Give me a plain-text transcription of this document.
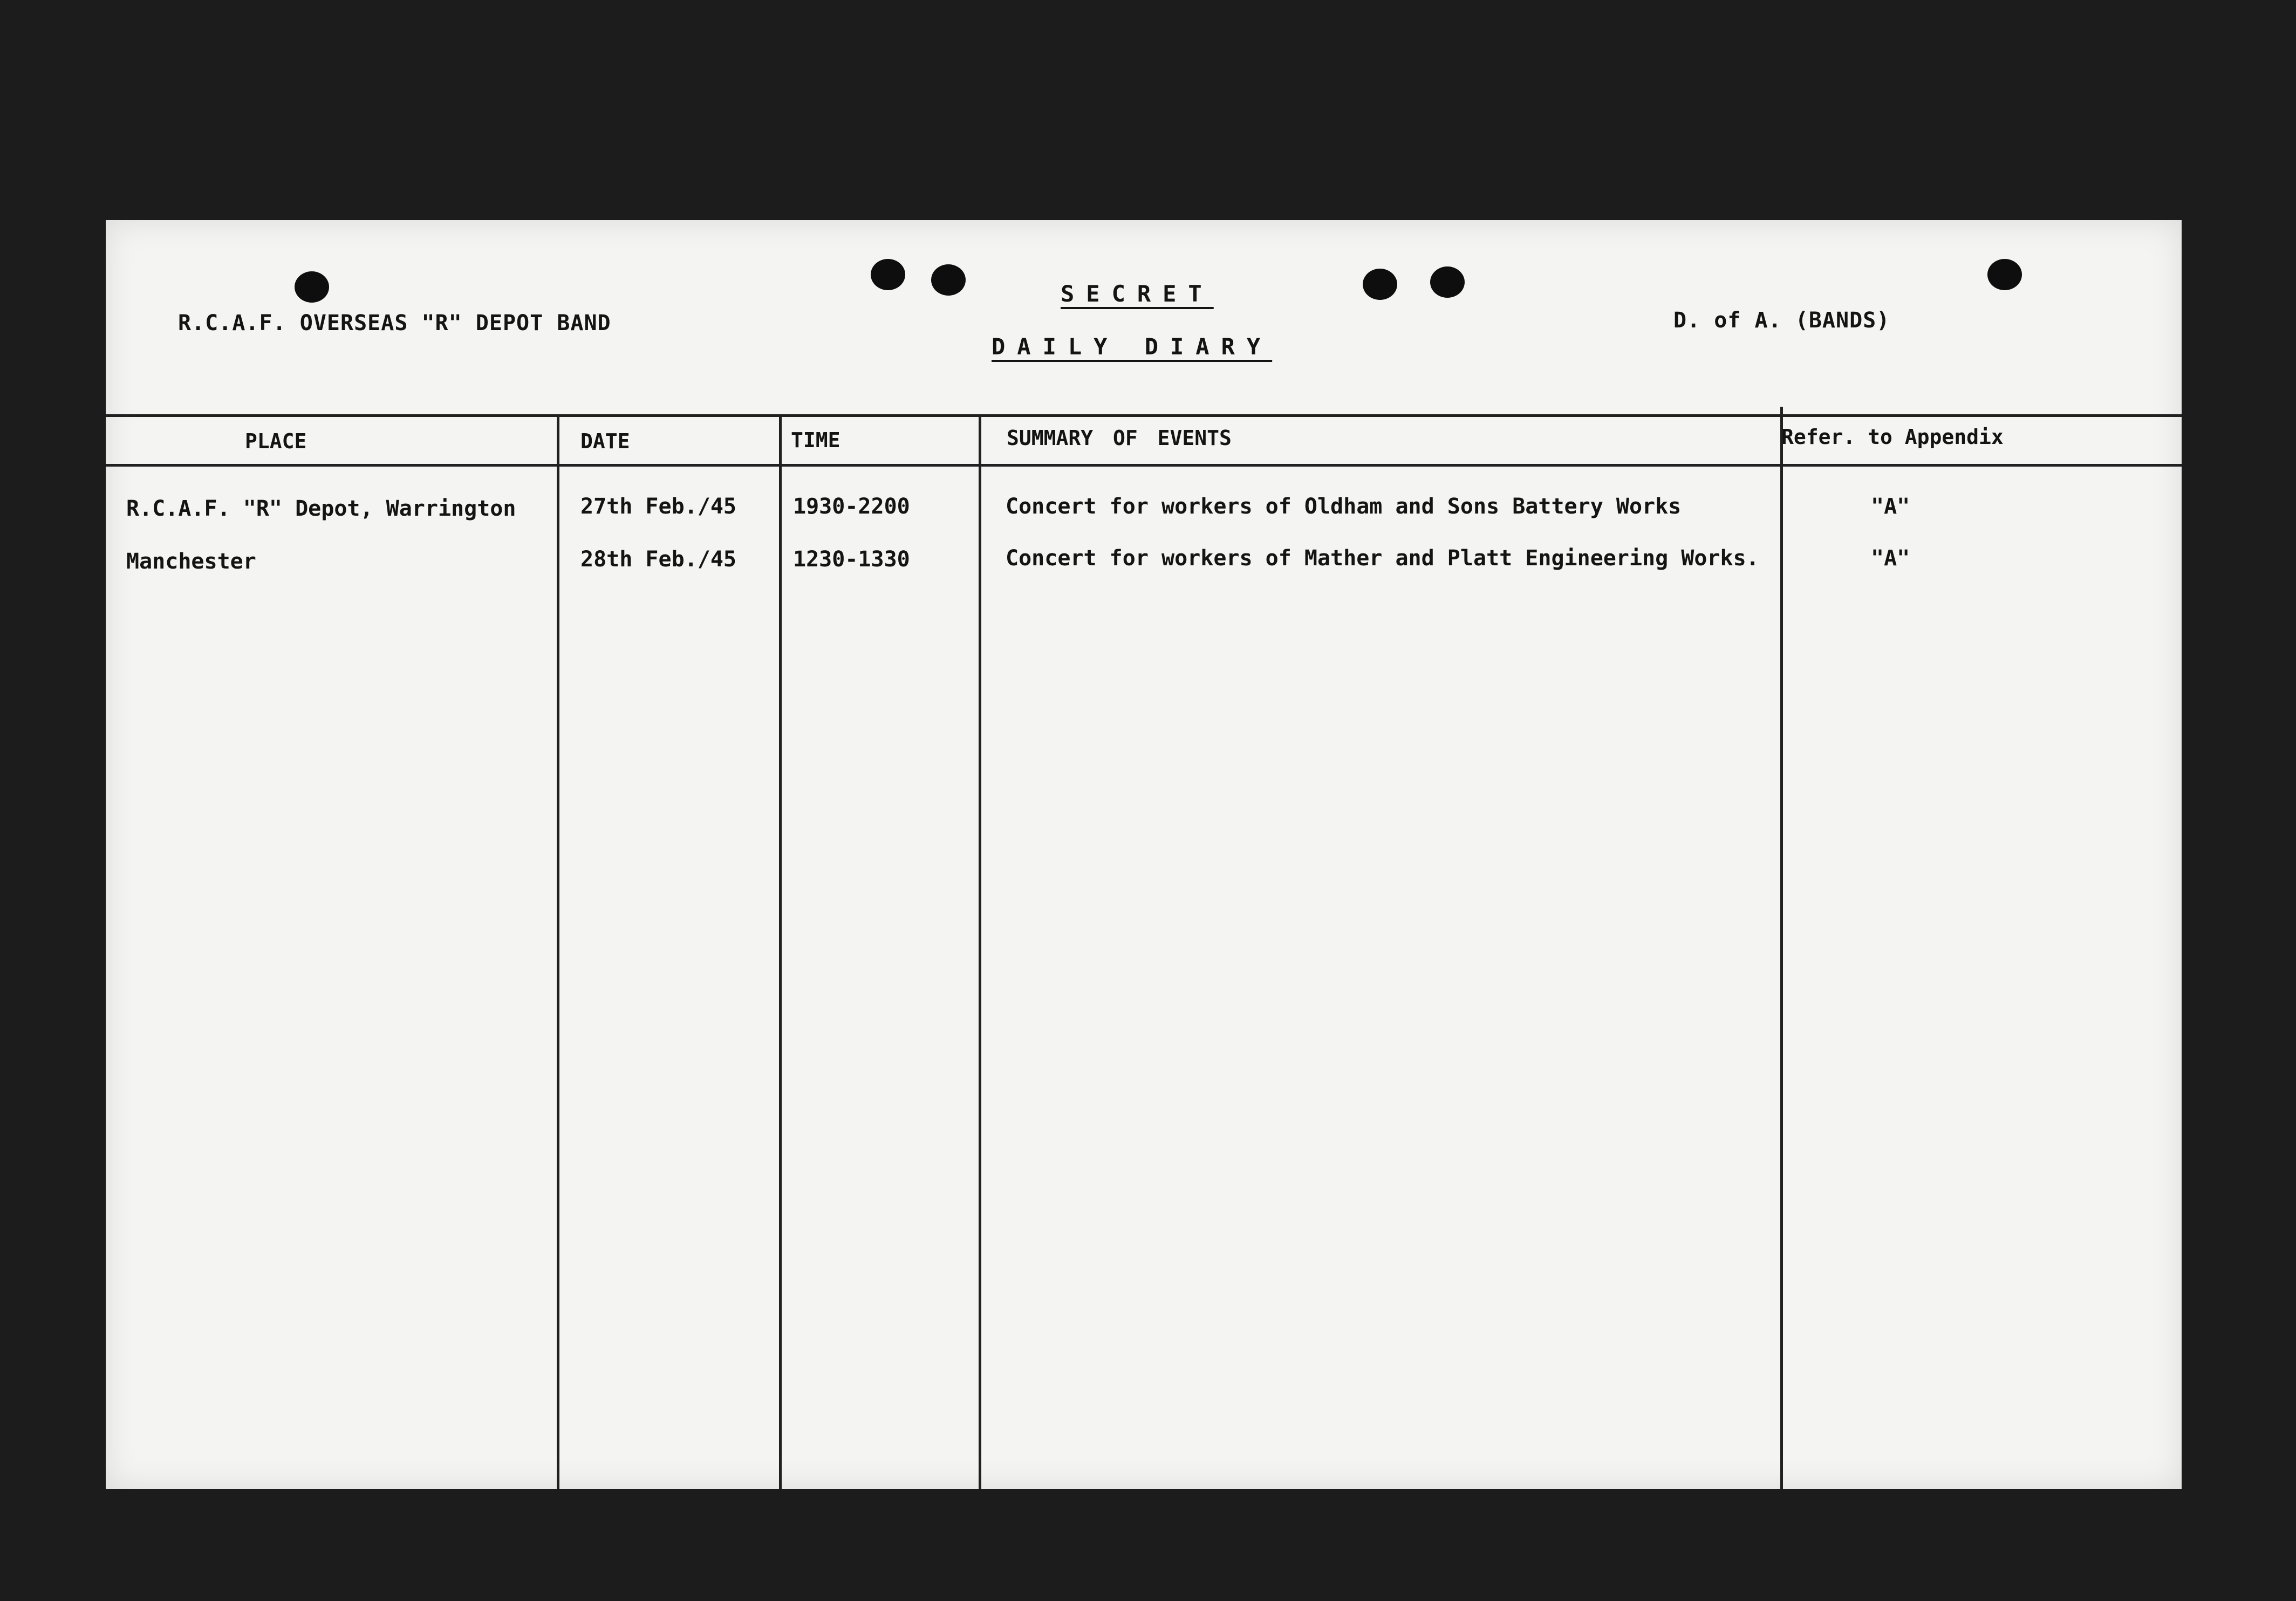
R.C.A.F. OVERSEAS "R" DEPOT BAND
SECRET
DAILY DIARY
D. of A. (BANDS)
PLACE	DATE	TIME	SUMMARY OF EVENTS	Refer. to Appendix
R.C.A.F. "R" Depot, Warrington	27th Feb./45	1930-2200	Concert for workers of Oldham and Sons Battery Works	"A"
Manchester	28th Feb./45	1230-1330	Concert for workers of Mather and Platt Engineering Works.	"A"
